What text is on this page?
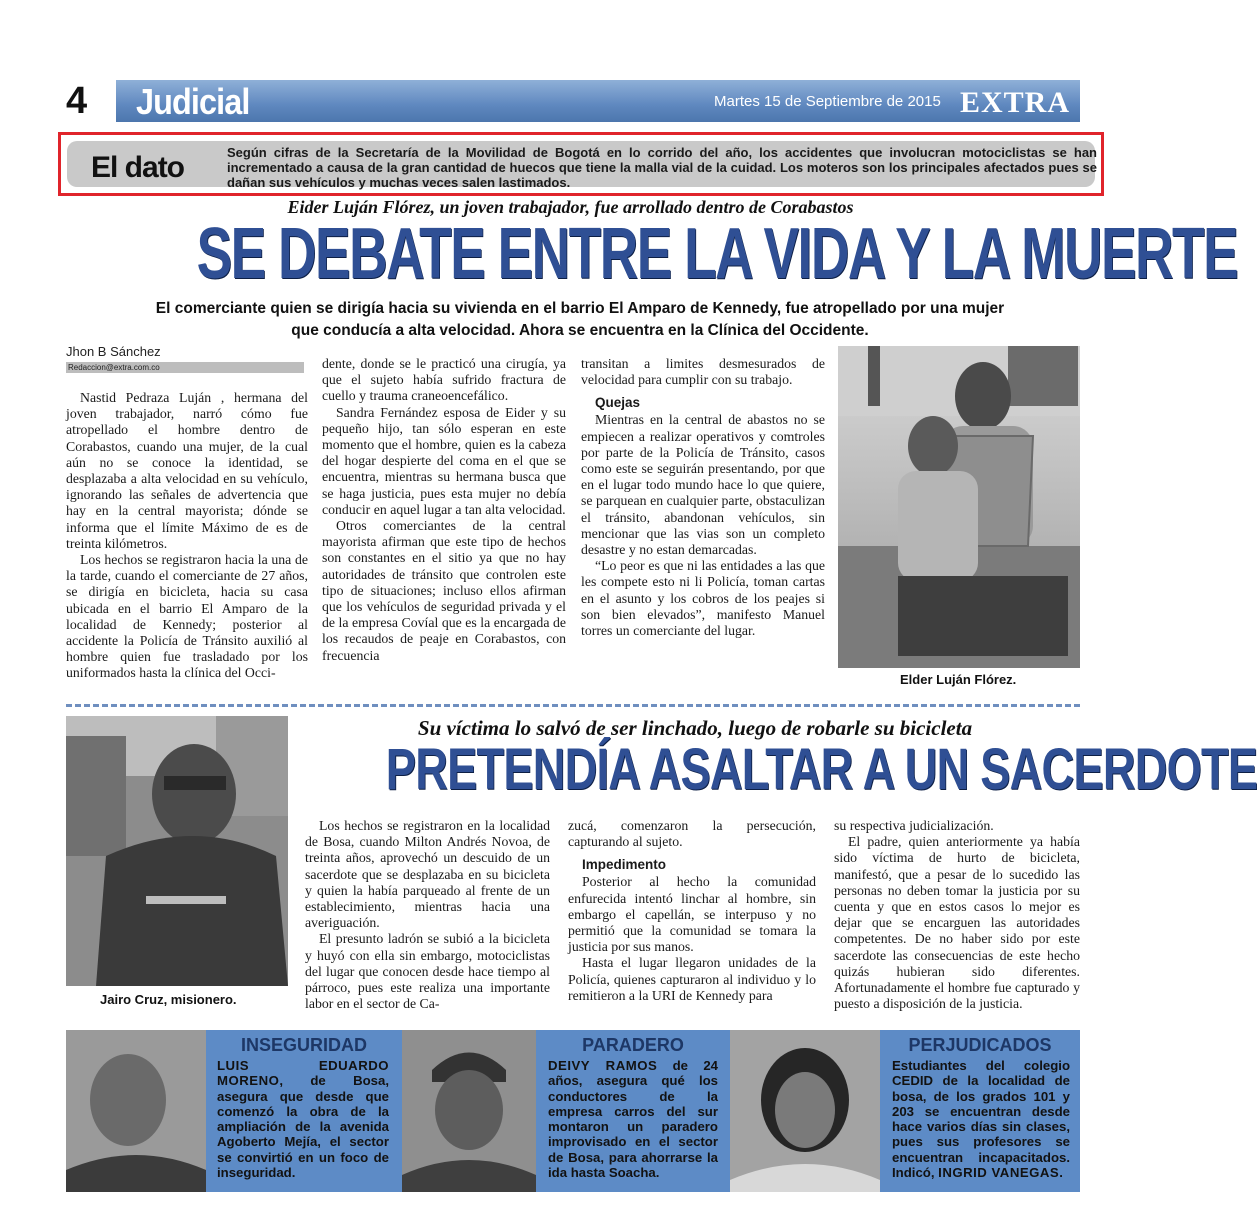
4	Judicial	Martes 15 de Septiembre de 2015 EXTRA
El dato	Según cifras de la Secretaría de la Movilidad de Bogotá en lo corrido del año, los accidentes que involucran motociclistas se han incrementado a causa de la gran cantidad de huecos que tiene la malla vial de la cuidad. Los moteros son los principales afectados pues se dañan sus vehículos y muchas veces salen lastimados.
Eider Luján Flórez, un joven trabajador, fue arrollado dentro de Corabastos
SE DEBATE ENTRE LA VIDA Y LA MUERTE
El comerciante quien se dirigía hacia su vivienda en el barrio El Amparo de Kennedy, fue atropellado por una mujer
que conducía a alta velocidad. Ahora se encuentra en la Clínica del Occidente.
Jhon B Sánchez
Redaccion@extra.com.co

Nastid Pedraza Luján , hermana del joven trabajador, narró cómo fue atropellado el hombre dentro de Corabastos, cuando una mujer, de la cual aún no se conoce la identidad, se desplazaba a alta velocidad en su vehículo, ignorando las señales de advertencia que hay en la central mayorista; dónde se informa que el límite Máximo de es de treinta kilómetros.

Los hechos se registraron hacia la una de la tarde, cuando el comerciante de 27 años, se dirigía en bicicleta, hacia su casa ubicada en el barrio El Amparo de la localidad de Kennedy; posterior al accidente la Policía de Tránsito auxilió al hombre quien fue trasladado por los uniformados hasta la clínica del Occi-

dente, donde se le practicó una cirugía, ya que el sujeto había sufrido fractura de cuello y trauma craneoencefálico.

Sandra Fernández esposa de Eider y su pequeño hijo, tan sólo esperan en este momento que el hombre, quien es la cabeza del hogar despierte del coma en el que se encuentra, mientras su hermana busca que se haga justicia, pues esta mujer no debía conducir en aquel lugar a tan alta velocidad.

Otros comerciantes de la central mayorista afirman que este tipo de hechos son constantes en el sitio ya que no hay autoridades de tránsito que controlen este tipo de situaciones; incluso ellos afirman que los vehículos de seguridad privada y el de la empresa Covíal que es la encargada de los recaudos de peaje en Corabastos, con frecuencia

transitan a limites desmesurados de velocidad para cumplir con su trabajo.

Quejas

Mientras en la central de abastos no se empiecen a realizar operativos y comtroles por parte de la Policía de Tránsito, casos como este se seguirán presentando, por que en el lugar todo mundo hace lo que quiere, se parquean en cualquier parte, obstaculizan el tránsito, abandonan vehículos, sin mencionar que las vias son un completo desastre y no estan demarcadas.

“Lo peor es que ni las entidades a las que les compete esto ni li Policía, toman cartas en el asunto y los cobros de los peajes si son bien elevados”, manifesto Manuel torres un comerciante del lugar.

Elder Luján Flórez.
Jairo Cruz, misionero.
Su víctima lo salvó de ser linchado, luego de robarle su bicicleta
PRETENDÍA ASALTAR A UN SACERDOTE

Los hechos se registraron en la localidad de Bosa, cuando Milton Andrés Novoa, de treinta años, aprovechó un descuido de un sacerdote que se desplazaba en su bicicleta y quien la había parqueado al frente de un establecimiento, mientras hacia una averiguación.

El presunto ladrón se subió a la bicicleta y huyó con ella sin embargo, motociclistas del lugar que conocen desde hace tiempo al párroco, pues este realiza una importante labor en el sector de Ca-

zucá, comenzaron la persecución, capturando al sujeto.

Impedimento

Posterior al hecho la comunidad enfurecida intentó linchar al hombre, sin embargo el capellán, se interpuso y no permitió que la comunidad se tomara la justicia por sus manos.

Hasta el lugar llegaron unidades de la Policía, quienes capturaron al individuo y lo remitieron a la URI de Kennedy para

su respectiva judicialización.

El padre, quien anteriormente ya había sido víctima de hurto de bicicleta, manifestó, que a pesar de lo sucedido las personas no deben tomar la justicia por su cuenta y que en estos casos lo mejor es dejar que se encarguen las autoridades competentes. De no haber sido por este sacerdote las consecuencias de este hecho quizás hubieran sido diferentes. Afortunadamente el hombre fue capturado y puesto a disposición de la justicia.

INSEGURIDAD
LUIS EDUARDO MORENO, de Bosa, asegura que desde que comenzó la obra de la ampliación de la avenida Agoberto Mejía, el sector se convirtió en un foco de inseguridad.
PARADERO
DEIVY RAMOS de 24 años, asegura qué los conductores de la empresa carros del sur montaron un paradero improvisado en el sector de Bosa, para ahorrarse la ida hasta Soacha.
PERJUDICADOS
Estudiantes del colegio CEDID de la localidad de bosa, de los grados 101 y 203 se encuentran desde hace varios días sin clases, pues sus profesores se encuentran incapacitados. Indicó, INGRID VANEGAS.
